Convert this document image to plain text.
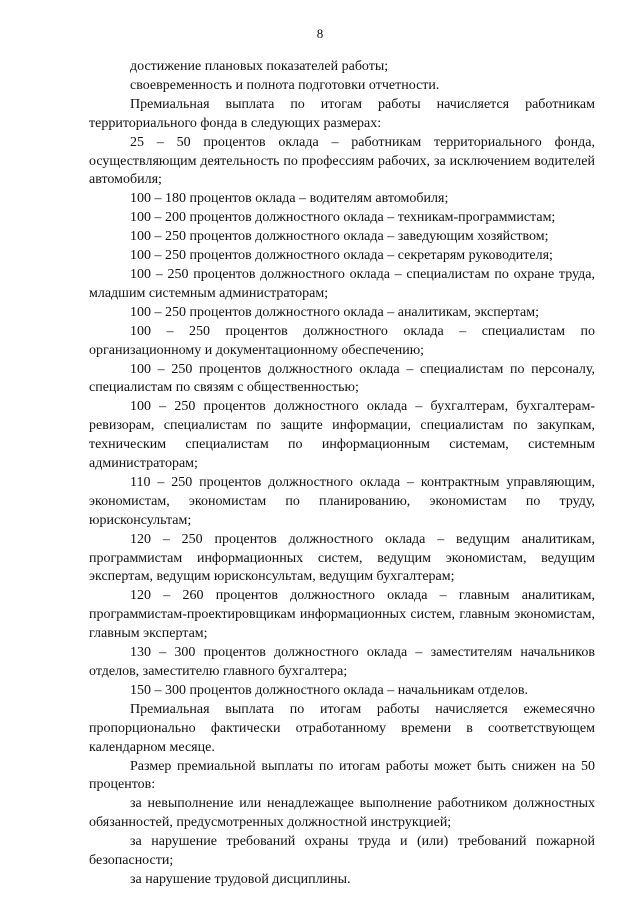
8

достижение плановых показателей работы;

своевременность и полнота подготовки отчетности.

Премиальная выплата по итогам работы начисляется работникам территориального фонда в следующих размерах:

25 – 50 процентов оклада – работникам территориального фонда, осуществляющим деятельность по профессиям рабочих, за исключением водителей автомобиля;

100 – 180 процентов оклада – водителям автомобиля;

100 – 200 процентов должностного оклада – техникам-программистам;

100 – 250 процентов должностного оклада – заведующим хозяйством;

100 – 250 процентов должностного оклада – секретарям руководителя;

100 – 250 процентов должностного оклада – специалистам по охране труда, младшим системным администраторам;

100 – 250 процентов должностного оклада – аналитикам, экспертам;

100 – 250 процентов должностного оклада – специалистам по организационному и документационному обеспечению;

100 – 250 процентов должностного оклада – специалистам по персоналу, специалистам по связям с общественностью;

100 – 250 процентов должностного оклада – бухгалтерам, бухгалтерам-ревизорам, специалистам по защите информации, специалистам по закупкам, техническим специалистам по информационным системам, системным администраторам;

110 – 250 процентов должностного оклада – контрактным управляющим, экономистам, экономистам по планированию, экономистам по труду, юрисконсультам;

120 – 250 процентов должностного оклада – ведущим аналитикам, программистам информационных систем, ведущим экономистам, ведущим экспертам, ведущим юрисконсультам, ведущим бухгалтерам;

120 – 260 процентов должностного оклада – главным аналитикам, программистам-проектировщикам информационных систем, главным экономистам, главным экспертам;

130 – 300 процентов должностного оклада – заместителям начальников отделов, заместителю главного бухгалтера;

150 – 300 процентов должностного оклада – начальникам отделов.

Премиальная выплата по итогам работы начисляется ежемесячно пропорционально фактически отработанному времени в соответствующем календарном месяце.

Размер премиальной выплаты по итогам работы может быть снижен на 50 процентов:

за невыполнение или ненадлежащее выполнение работником должностных обязанностей, предусмотренных должностной инструкцией;

за нарушение требований охраны труда и (или) требований пожарной безопасности;

за нарушение трудовой дисциплины.
